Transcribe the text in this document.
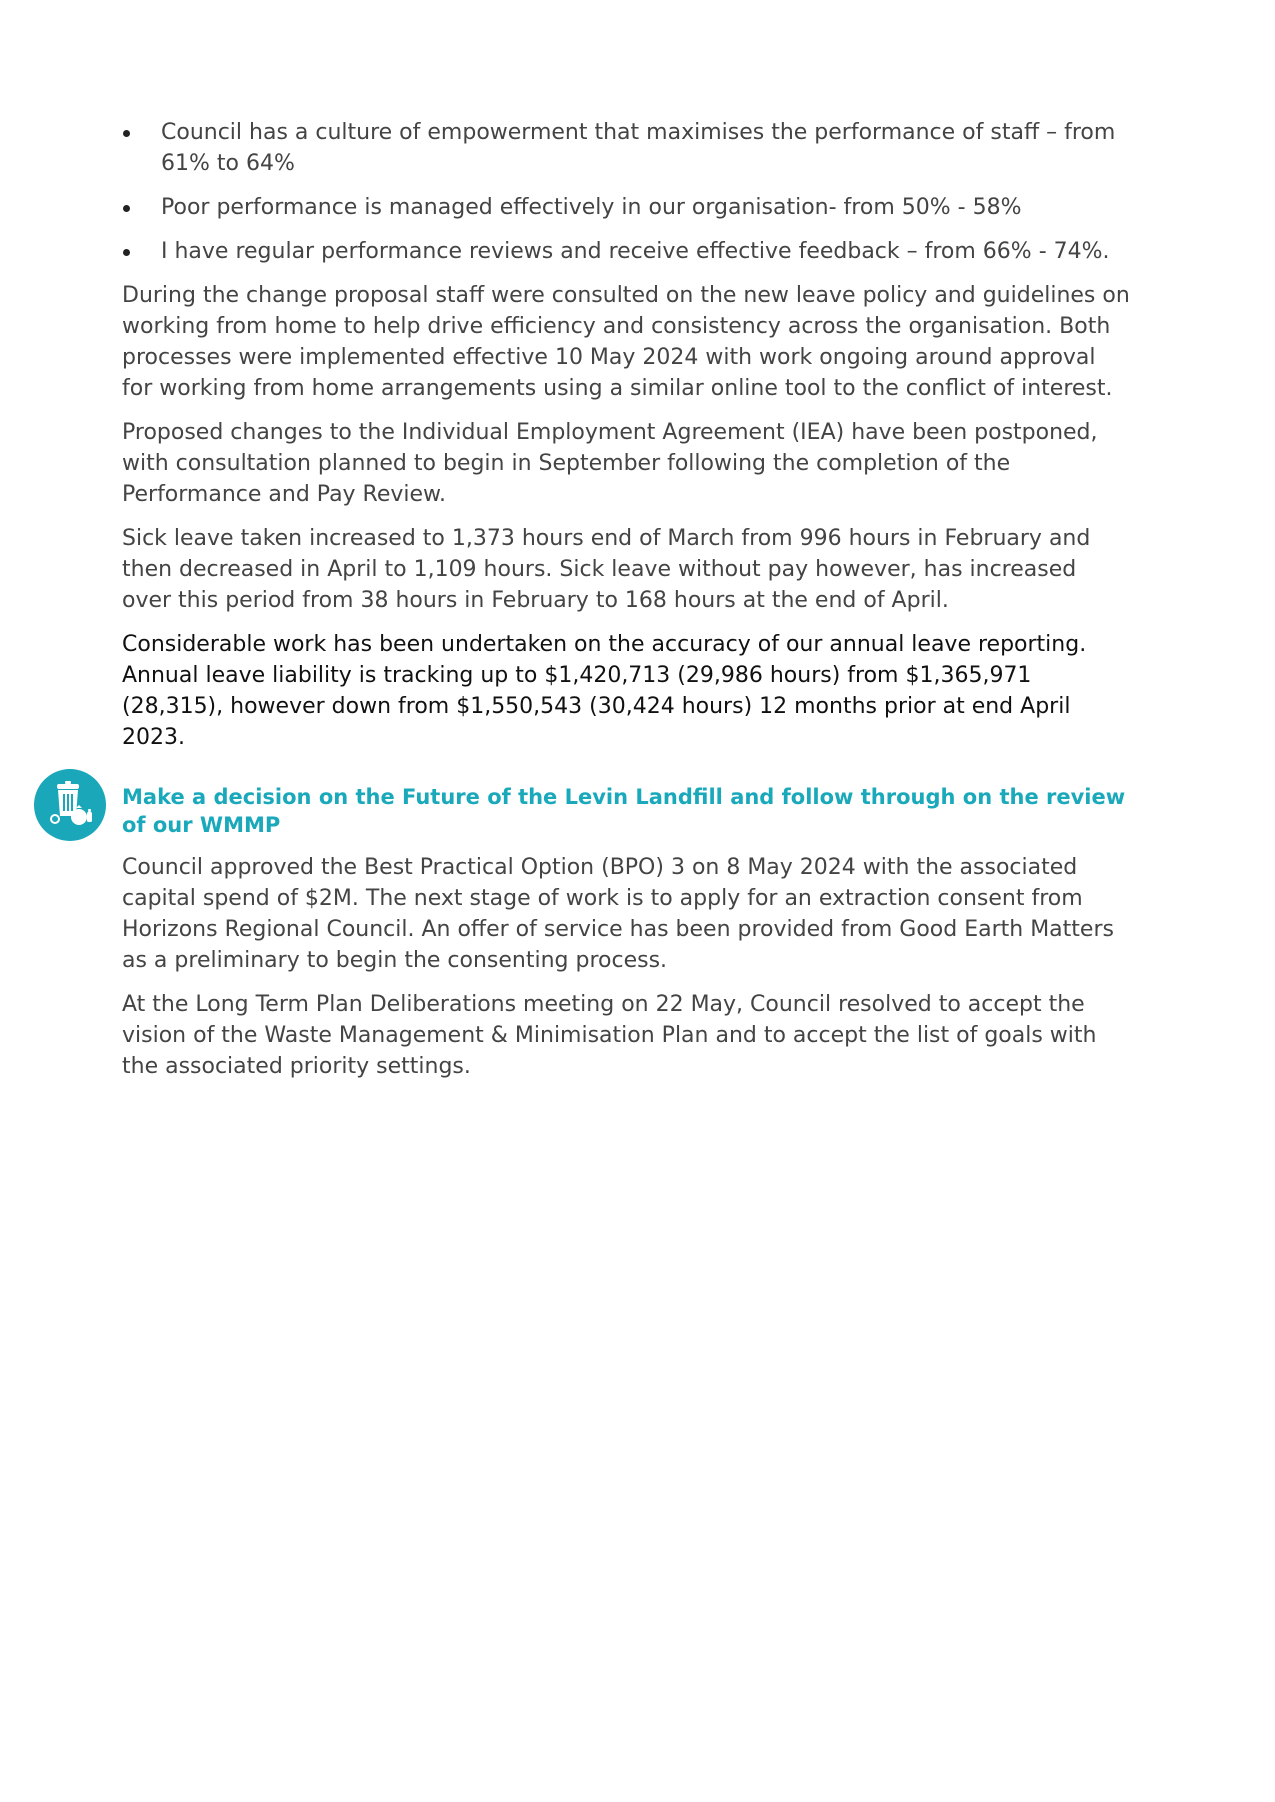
Council has a culture of empowerment that maximises the performance of staff – from 61% to 64%
Poor performance is managed effectively in our organisation- from 50% - 58%
I have regular performance reviews and receive effective feedback – from 66% - 74%.

During the change proposal staff were consulted on the new leave policy and guidelines on working from home to help drive efficiency and consistency across the organisation. Both processes were implemented effective 10 May 2024 with work ongoing around approval for working from home arrangements using a similar online tool to the conflict of interest.

Proposed changes to the Individual Employment Agreement (IEA) have been postponed, with consultation planned to begin in September following the completion of the Performance and Pay Review.

Sick leave taken increased to 1,373 hours end of March from 996 hours in February and then decreased in April to 1,109 hours. Sick leave without pay however, has increased over this period from 38 hours in February to 168 hours at the end of April.

Considerable work has been undertaken on the accuracy of our annual leave reporting. Annual leave liability is tracking up to $1,420,713 (29,986 hours) from $1,365,971 (28,315), however down from $1,550,543 (30,424 hours) 12 months prior at end April 2023.

Make a decision on the Future of the Levin Landfill and follow through on the review of our WMMP

Council approved the Best Practical Option (BPO) 3 on 8 May 2024 with the associated capital spend of $2M. The next stage of work is to apply for an extraction consent from Horizons Regional Council. An offer of service has been provided from Good Earth Matters as a preliminary to begin the consenting process.

At the Long Term Plan Deliberations meeting on 22 May, Council resolved to accept the vision of the Waste Management & Minimisation Plan and to accept the list of goals with the associated priority settings.
